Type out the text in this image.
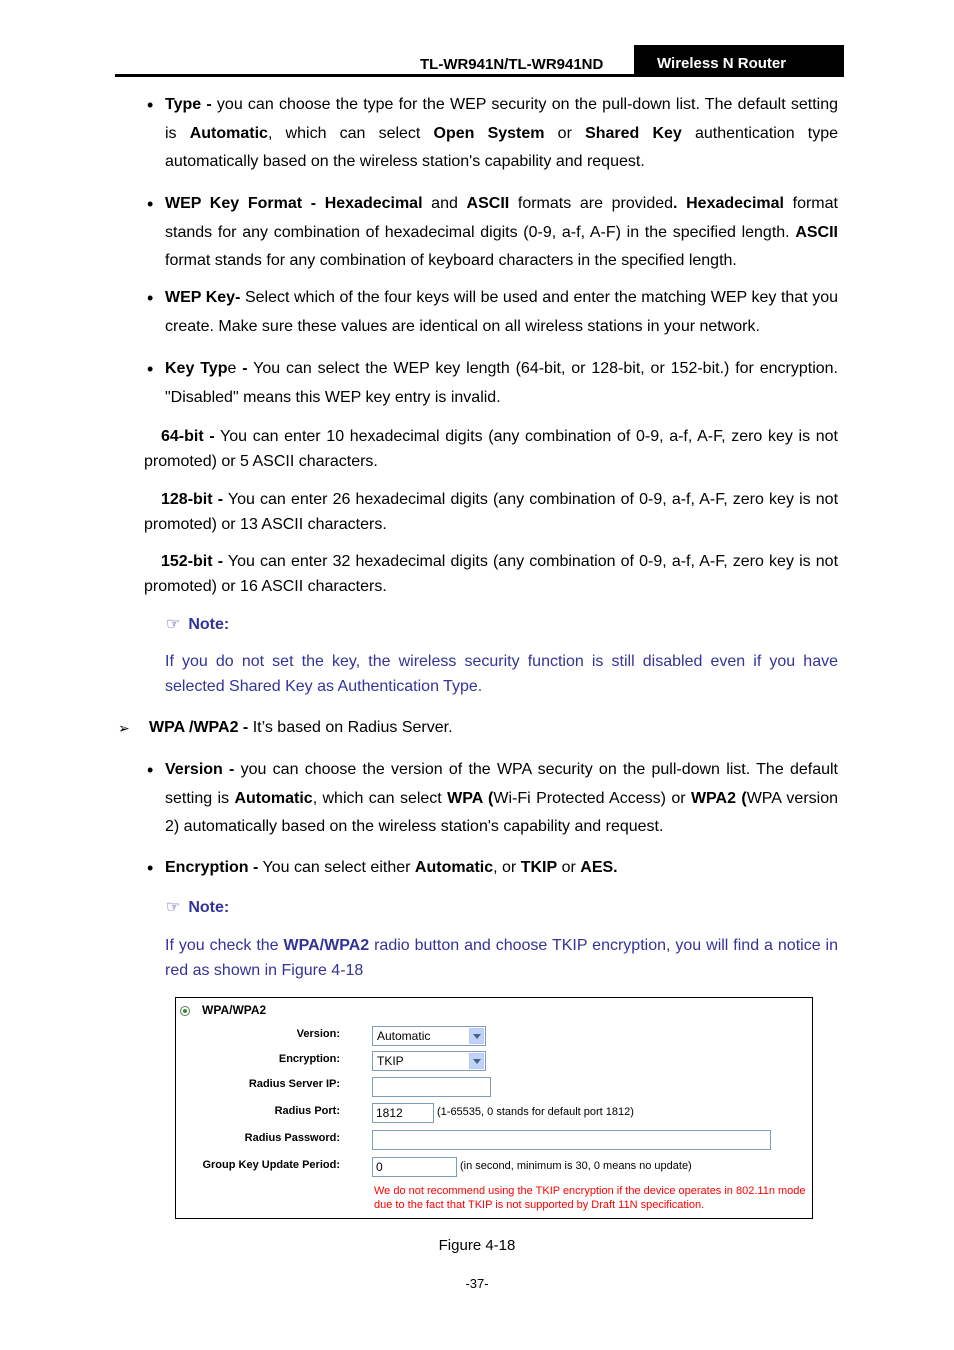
TL-WR941N/TL-WR941ND	Wireless N Router
• Type - you can choose the type for the WEP security on the pull-down list. The default setting is Automatic, which can select Open System or Shared Key authentication type automatically based on the wireless station's capability and request.
• WEP Key Format - Hexadecimal and ASCII formats are provided. Hexadecimal format stands for any combination of hexadecimal digits (0-9, a-f, A-F) in the specified length. ASCII format stands for any combination of keyboard characters in the specified length.
• WEP Key- Select which of the four keys will be used and enter the matching WEP key that you create. Make sure these values are identical on all wireless stations in your network.
• Key Type - You can select the WEP key length (64-bit, or 128-bit, or 152-bit.) for encryption. "Disabled" means this WEP key entry is invalid.
64-bit - You can enter 10 hexadecimal digits (any combination of 0-9, a-f, A-F, zero key is not promoted) or 5 ASCII characters.
128-bit - You can enter 26 hexadecimal digits (any combination of 0-9, a-f, A-F, zero key is not promoted) or 13 ASCII characters.
152-bit - You can enter 32 hexadecimal digits (any combination of 0-9, a-f, A-F, zero key is not promoted) or 16 ASCII characters.
☞ Note:
If you do not set the key, the wireless security function is still disabled even if you have selected Shared Key as Authentication Type.
➢ WPA /WPA2 - It’s based on Radius Server.
• Version - you can choose the version of the WPA security on the pull-down list. The default setting is Automatic, which can select WPA (Wi-Fi Protected Access) or WPA2 (WPA version 2) automatically based on the wireless station's capability and request.
• Encryption - You can select either Automatic, or TKIP or AES.
☞ Note:
If you check the WPA/WPA2 radio button and choose TKIP encryption, you will find a notice in red as shown in Figure 4-18
WPA/WPA2
Version:	Automatic
Encryption:	TKIP
Radius Server IP:
Radius Port:	1812	(1-65535, 0 stands for default port 1812)
Radius Password:
Group Key Update Period:	0	(in second, minimum is 30, 0 means no update)
We do not recommend using the TKIP encryption if the device operates in 802.11n mode due to the fact that TKIP is not supported by Draft 11N specification.
Figure 4-18
-37-
